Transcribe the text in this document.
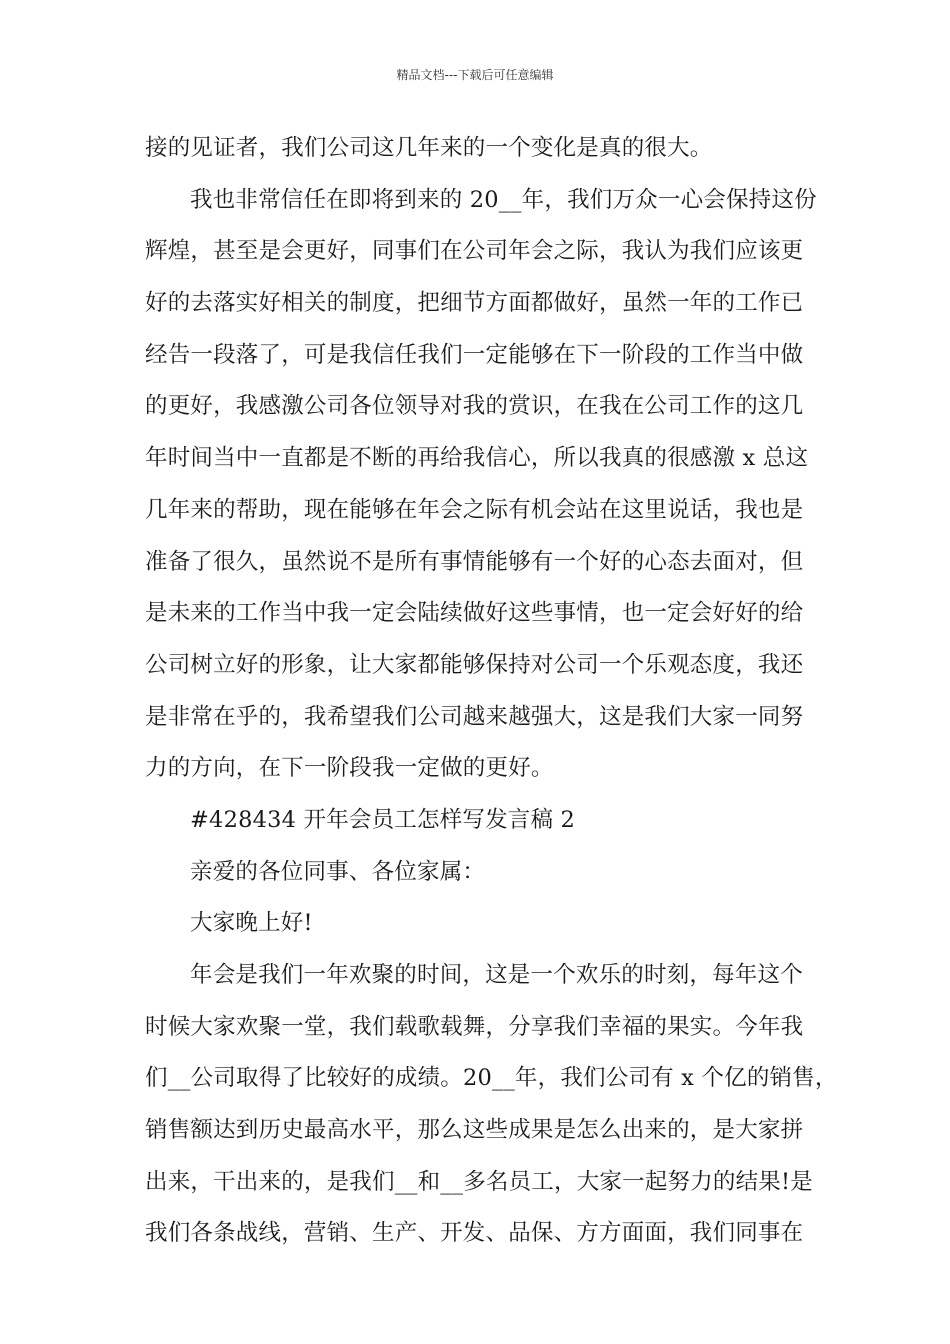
精品文档---下载后可任意编辑
接的见证者，我们公司这几年来的一个变化是真的很大。
我也非常信任在即将到来的 20__年，我们万众一心会保持这份
辉煌，甚至是会更好，同事们在公司年会之际，我认为我们应该更
好的去落实好相关的制度，把细节方面都做好，虽然一年的工作已
经告一段落了，可是我信任我们一定能够在下一阶段的工作当中做
的更好，我感激公司各位领导对我的赏识，在我在公司工作的这几
年时间当中一直都是不断的再给我信心，所以我真的很感激 x 总这
几年来的帮助，现在能够在年会之际有机会站在这里说话，我也是
准备了很久，虽然说不是所有事情能够有一个好的心态去面对，但
是未来的工作当中我一定会陆续做好这些事情，也一定会好好的给
公司树立好的形象，让大家都能够保持对公司一个乐观态度，我还
是非常在乎的，我希望我们公司越来越强大，这是我们大家一同努
力的方向，在下一阶段我一定做的更好。
#428434 开年会员工怎样写发言稿 2
亲爱的各位同事、各位家属：
大家晚上好!
年会是我们一年欢聚的时间，这是一个欢乐的时刻，每年这个
时候大家欢聚一堂，我们载歌载舞，分享我们幸福的果实。今年我
们__公司取得了比较好的成绩。20__年，我们公司有 x 个亿的销售，
销售额达到历史最高水平，那么这些成果是怎么出来的，是大家拼
出来，干出来的，是我们__和__多名员工，大家一起努力的结果!是
我们各条战线，营销、生产、开发、品保、方方面面，我们同事在
